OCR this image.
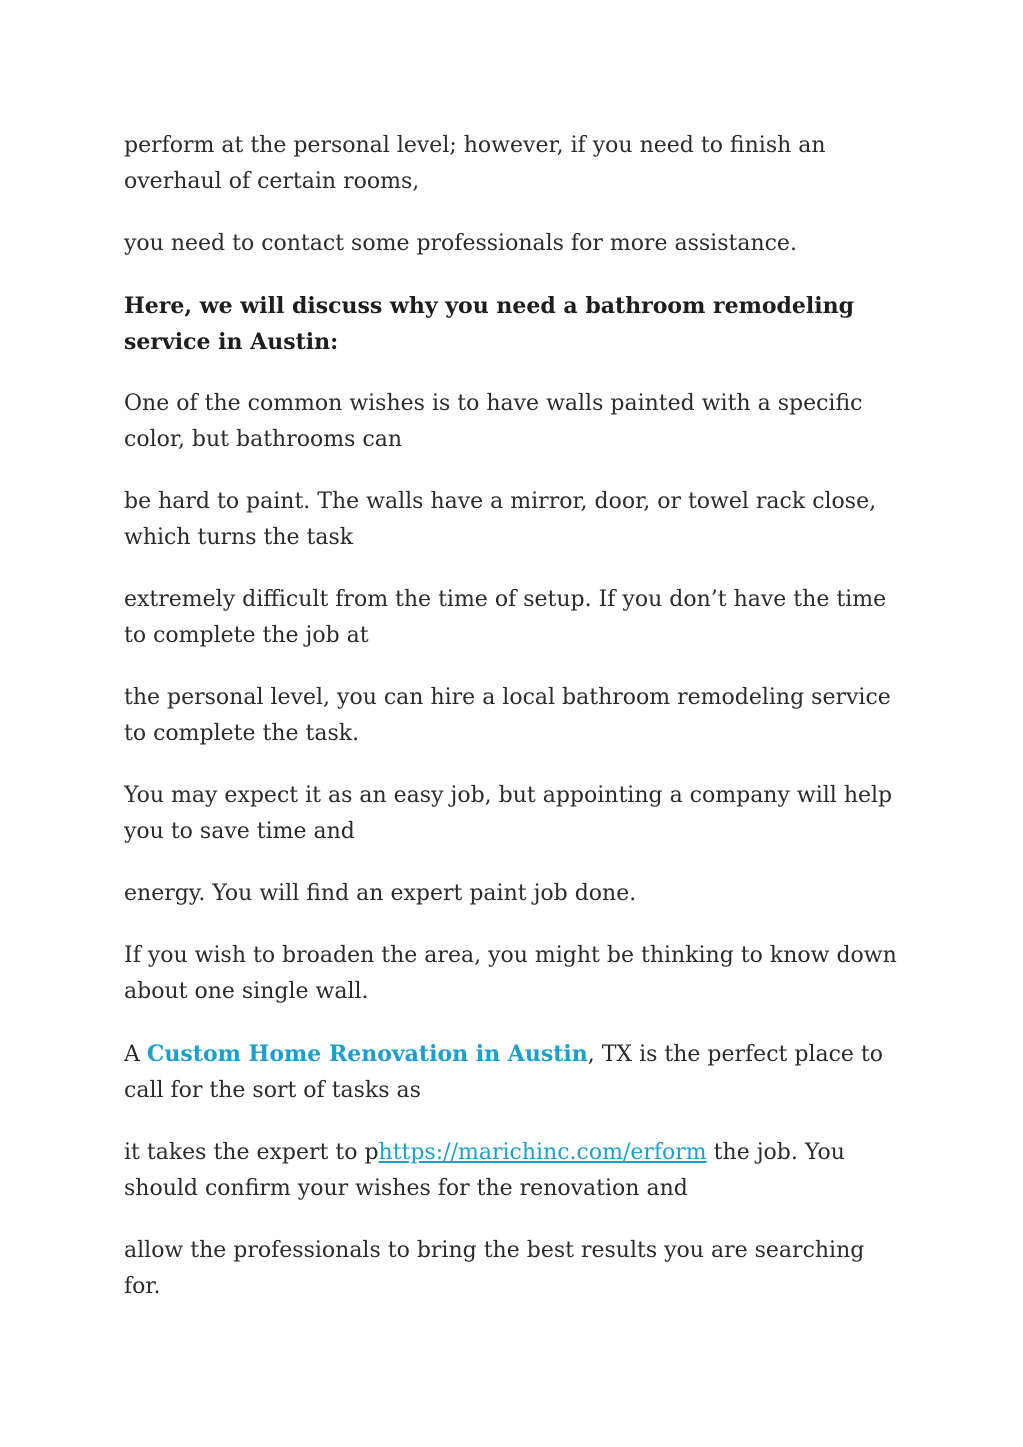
perform at the personal level; however, if you need to finish an overhaul of certain rooms,

you need to contact some professionals for more assistance.

Here, we will discuss why you need a bathroom remodeling service in Austin:

One of the common wishes is to have walls painted with a specific color, but bathrooms can

be hard to paint. The walls have a mirror, door, or towel rack close, which turns the task

extremely difficult from the time of setup. If you don’t have the time to complete the job at

the personal level, you can hire a local bathroom remodeling service to complete the task.

You may expect it as an easy job, but appointing a company will help you to save time and

energy. You will find an expert paint job done.

If you wish to broaden the area, you might be thinking to know down about one single wall.

A Custom Home Renovation in Austin, TX is the perfect place to call for the sort of tasks as

it takes the expert to phttps://marichinc.com/erform the job. You should confirm your wishes for the renovation and

allow the professionals to bring the best results you are searching for.
